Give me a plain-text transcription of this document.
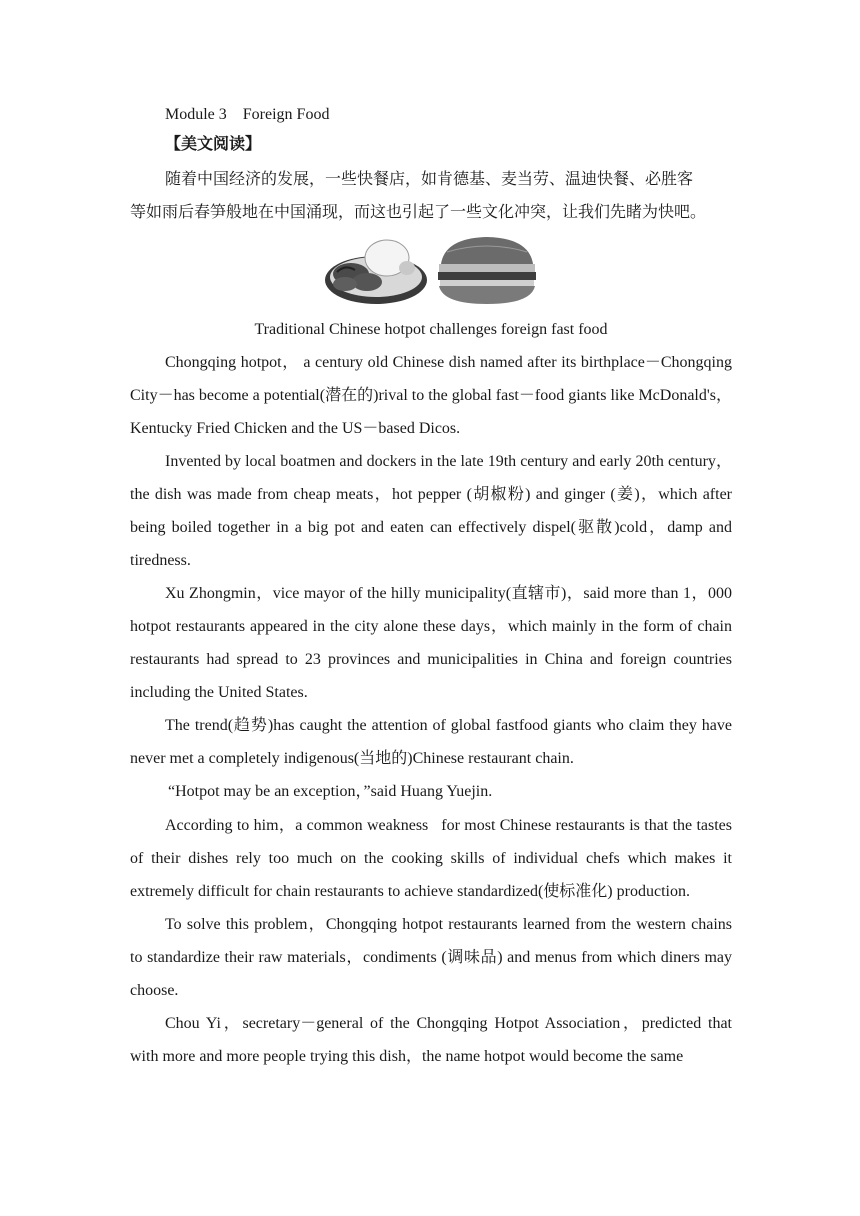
Module 3    Foreign Food
【美文阅读】

随着中国经济的发展，一些快餐店，如肯德基、麦当劳、温迪快餐、必胜客

等如雨后春笋般地在中国涌现，而这也引起了一些文化冲突，让我们先睹为快吧。

Traditional Chinese hotpot challenges foreign fast food

Chongqing hotpot， a century old Chinese dish named after its birthplace－Chongqing City－has become a potential(潜在的)rival to the global fast－food giants like McDonald's，Kentucky Fried Chicken and the US－based Dicos.

Invented by local boatmen and dockers in the late 19th century and early 20th century，the dish was made from cheap meats，hot pepper (胡椒粉) and ginger (姜)，which after being boiled together in a big pot and eaten can effectively dispel(驱散)cold，damp and tiredness.

Xu Zhongmin，vice mayor of the hilly municipality(直辖市)，said more than 1，000 hotpot restaurants appeared in the city alone these days，which mainly in the form of chain restaurants had spread to 23 provinces and municipalities in China and foreign countries including the United States.

The trend(趋势)has caught the attention of global fastfood giants who claim they have never met a completely indigenous(当地的)Chinese restaurant chain.

“Hotpot may be an exception，”said Huang Yuejin.

According to him，a common weakness   for most Chinese restaurants is that the tastes of their dishes rely too much on the cooking skills of individual chefs which makes it extremely difficult for chain restaurants to achieve standardized(使标准化) production.

To solve this problem，Chongqing hotpot restaurants learned from the western chains to standardize their raw materials，condiments (调味品) and menus from which diners may choose.

Chou Yi，secretary－general of the Chongqing Hotpot Association，predicted that with more and more people trying this dish，the name hotpot would become the same
